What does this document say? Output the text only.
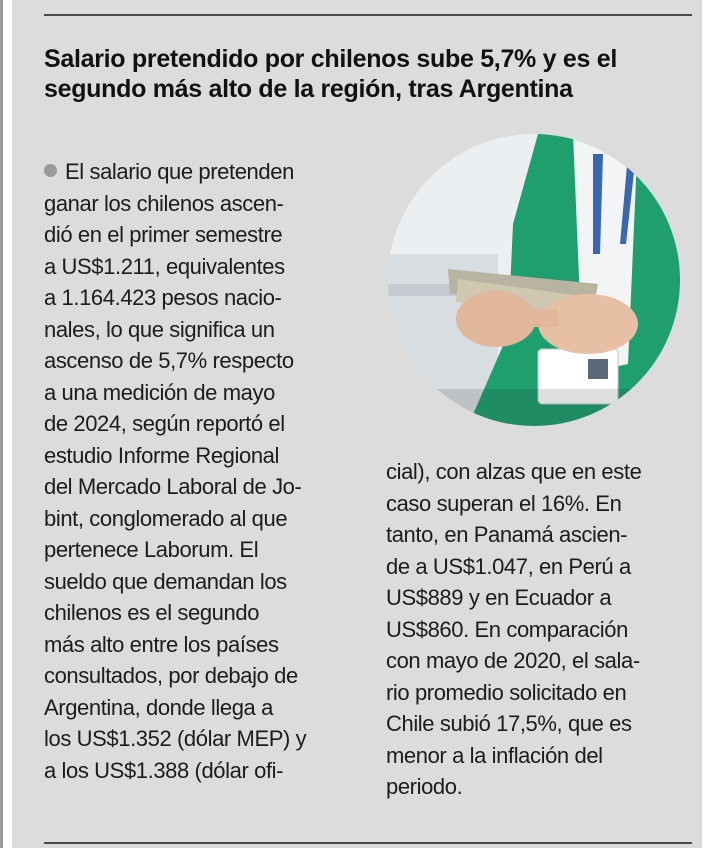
Salario pretendido por chilenos sube 5,7% y es el
segundo más alto de la región, tras Argentina
El salario que pretenden
ganar los chilenos ascen-
dió en el primer semestre
a US$1.211, equivalentes
a 1.164.423 pesos nacio-
nales, lo que significa un
ascenso de 5,7% respecto
a una medición de mayo
de 2024, según reportó el
estudio Informe Regional
del Mercado Laboral de Jo-
bint, conglomerado al que
pertenece Laborum. El
sueldo que demandan los
chilenos es el segundo
más alto entre los países
consultados, por debajo de
Argentina, donde llega a
los US$1.352 (dólar MEP) y
a los US$1.388 (dólar ofi-
cial), con alzas que en este
caso superan el 16%. En
tanto, en Panamá ascien-
de a US$1.047, en Perú a
US$889 y en Ecuador a
US$860. En comparación
con mayo de 2020, el sala-
rio promedio solicitado en
Chile subió 17,5%, que es
menor a la inflación del
periodo.
